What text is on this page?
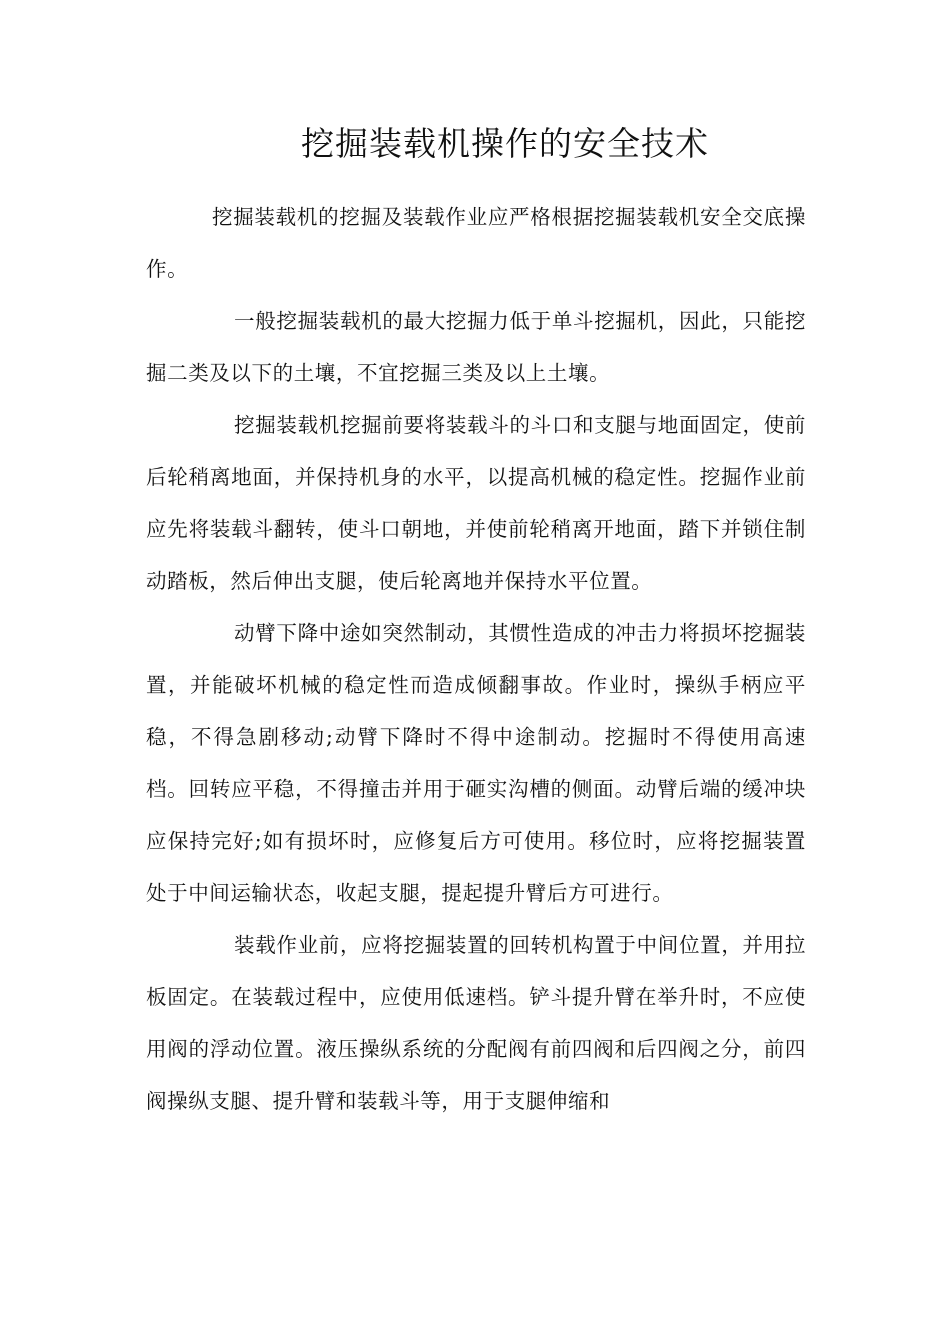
挖掘装载机操作的安全技术

挖掘装载机的挖掘及装载作业应严格根据挖掘装载机安全交底操作。

一般挖掘装载机的最大挖掘力低于单斗挖掘机，因此，只能挖掘二类及以下的土壤，不宜挖掘三类及以上土壤。

挖掘装载机挖掘前要将装载斗的斗口和支腿与地面固定，使前后轮稍离地面，并保持机身的水平，以提高机械的稳定性。挖掘作业前应先将装载斗翻转，使斗口朝地，并使前轮稍离开地面，踏下并锁住制动踏板，然后伸出支腿，使后轮离地并保持水平位置。

动臂下降中途如突然制动，其惯性造成的冲击力将损坏挖掘装置，并能破坏机械的稳定性而造成倾翻事故。作业时，操纵手柄应平稳，不得急剧移动;动臂下降时不得中途制动。挖掘时不得使用高速档。回转应平稳，不得撞击并用于砸实沟槽的侧面。动臂后端的缓冲块应保持完好;如有损坏时，应修复后方可使用。移位时，应将挖掘装置处于中间运输状态，收起支腿，提起提升臂后方可进行。

装载作业前，应将挖掘装置的回转机构置于中间位置，并用拉板固定。在装载过程中，应使用低速档。铲斗提升臂在举升时，不应使用阀的浮动位置。液压操纵系统的分配阀有前四阀和后四阀之分，前四阀操纵支腿、提升臂和装载斗等，用于支腿伸缩和
